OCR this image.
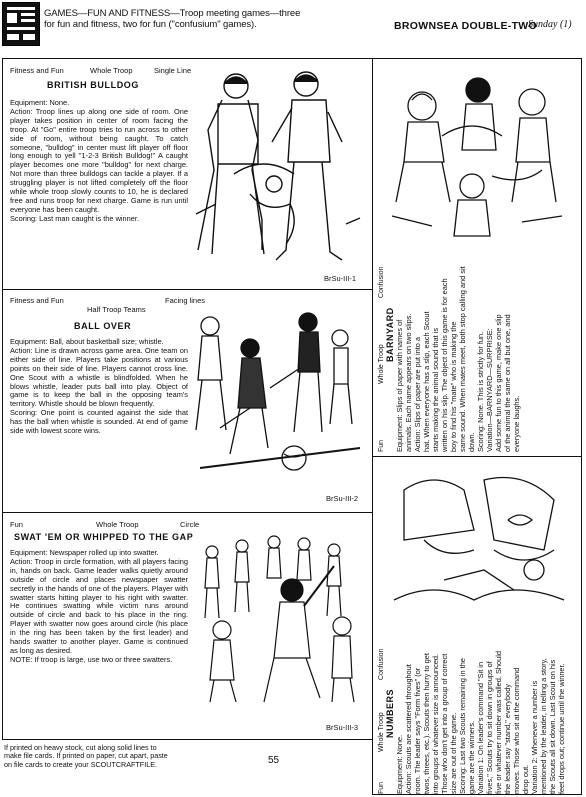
GAMES—FUN AND FITNESS—Troop meeting games—three
for fun and fitness, two for fun ("confusium" games).	BROWNSEA DOUBLE-TWO
Sunday (1)
Fitness and Fun	Whole Troop	Single Line
BRITISH BULLDOG

Equipment: None.

Action: Troop lines up along one side of room. One player takes position in center of room facing the troop. At "Go" entire troop tries to run across to other side of room, without being caught. To catch someone, "bulldog" in center must lift player off floor long enough to yell "1-2-3 British Bulldog!" A caught player becomes one more "bulldog" for next charge. Not more than three bulldogs can tackle a player. If a struggling player is not lifted completely off the floor while whole troop slowly counts to 10, he is declared free and runs troop for next charge. Game is run until everyone has been caught.

Scoring: Last man caught is the winner.

BrSu-III-1
Fitness and Fun
Half Troop Teams
Facing lines
BALL OVER

Equipment: Ball, about basketball size; whistle.

Action: Line is drawn across game area. One team on either side of line. Players take positions at various points on their side of line. Players cannot cross line. One Scout with a whistle is blindfolded. When he blows whistle, leader puts ball into play. Object of game is to keep the ball in the opposing team's territory. Whistle should be blown frequently.

Scoring: One point is counted against the side that has the ball when whistle is sounded. At end of game side with lowest score wins.

BrSu-III-2
Fun	Whole Troop	Circle
SWAT 'EM OR WHIPPED TO THE GAP

Equipment: Newspaper rolled up into swatter.

Action: Troop in circle formation, with all players facing in, hands on back. Game leader walks quietly around outside of circle and places newspaper swatter secretly in the hands of one of the players. Player with swatter starts hitting player to his right with swatter. He continues swatting while victim runs around outside of circle and back to his place in the ring. Player with swatter now goes around circle (his place in the ring has been taken by the first leader) and hands swatter to another player. Game is continued as long as desired.

NOTE: If troop is large, use two or three swatters.

BrSu-III-3
Fun Whole Troop Confusion
BARNYARD Equipment: Slips of paper with names of animals. Each name appears on two slips. Action: Slips of paper are put into a hat. When everyone has a slip, each Scout starts making the animal sound that is written on his slip. The object of this game is for each boy to find his "mate" who is making the same sound. When mates meet, both stop calling and sit down. Scoring: None. This is strictly for fun. Variation—BARNYARD—SURPRISE: Add some fun to this game, make one slip of the animal the same on all but one, and everyone laughs.
Fun Whole Troop Confusion
NUMBERS
Equipment: None. Action: Scouts are scattered throughout room. The leader says "Form fives" (or twos, threes, etc.). Scouts then hurry to get into groups of whatever size is announced. Those who don't get into a group of correct size are out of the game. Scoring: Last two Scouts remaining in the game are the winners. Variation 1: On leader's command "Sit in fives," Scouts try to sit down in groups of five or whatever number was called. Should the leader say "stand," everybody moves. Those who sit at the command drop out. Variation 2: Whenever a number is mentioned by the leader, in telling a story, the Scouts all sit down. Last Scout on his feet drops out; continue until the winner.
If printed on heavy stock, cut along solid lines to
make file cards. If printed on paper, cut apart, paste
on file cards to create your SCOUTCRAFTFILE.	55
